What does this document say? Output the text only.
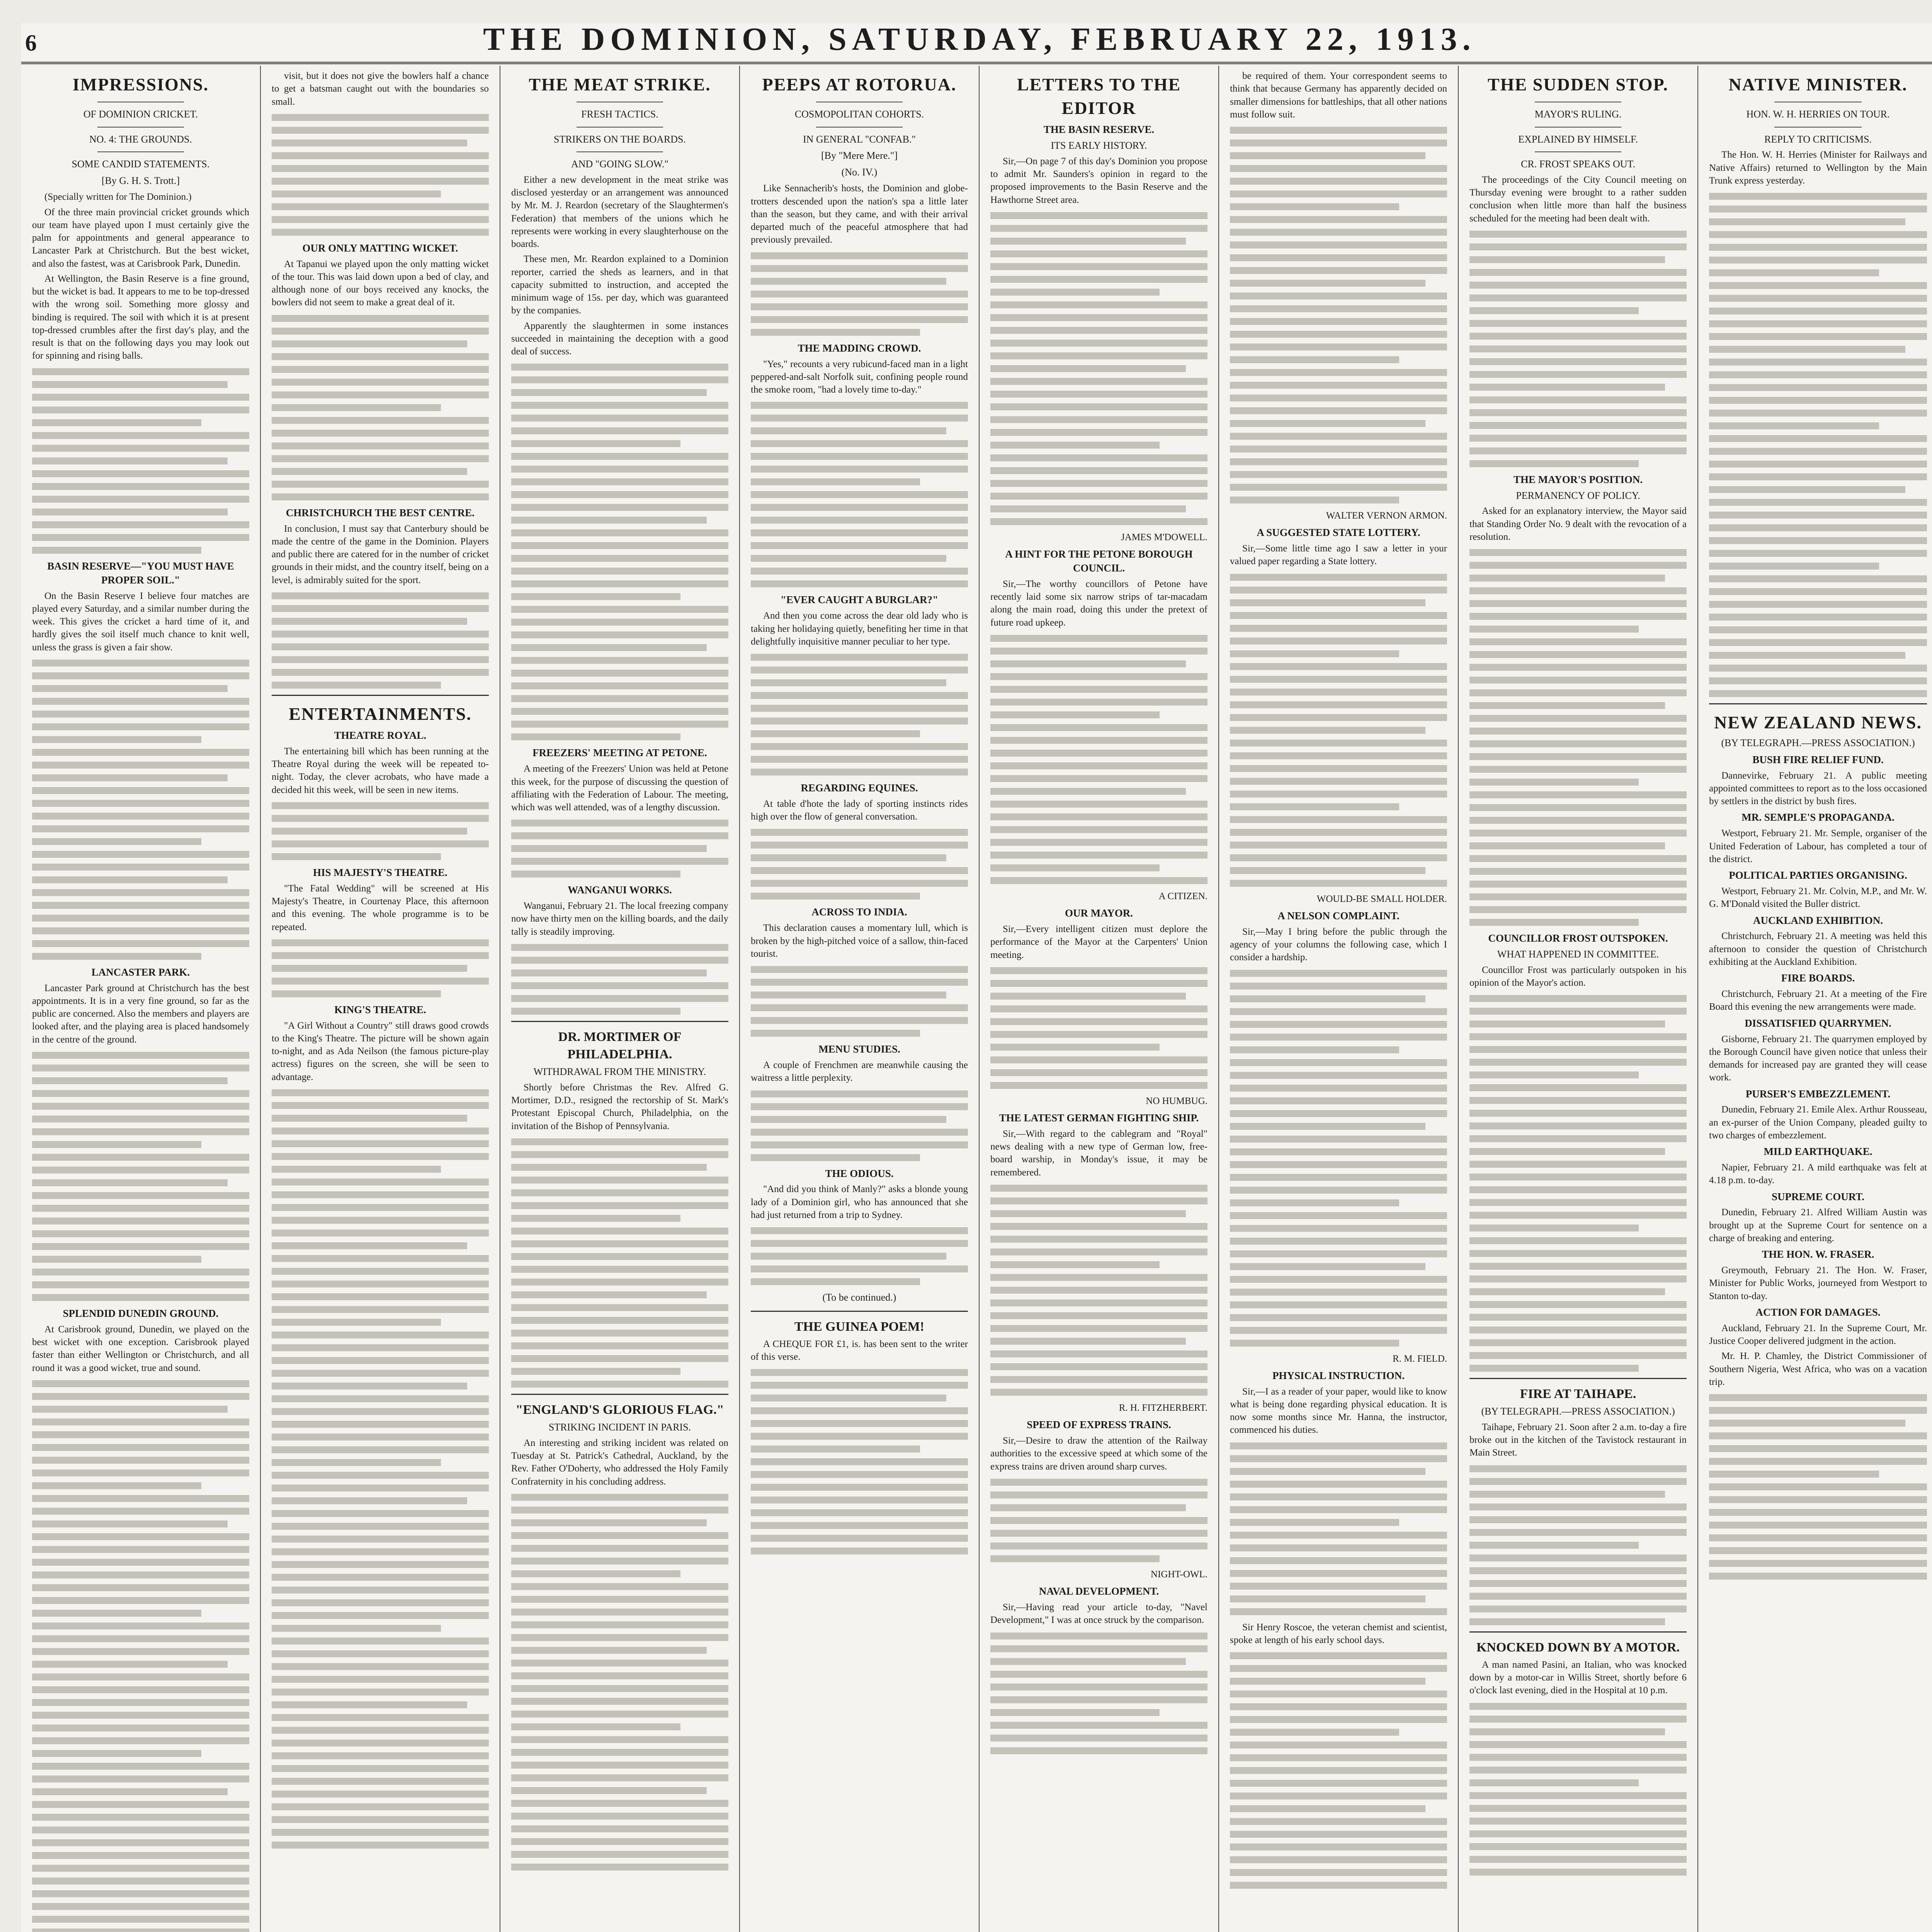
6	THE DOMINION, SATURDAY, FEBRUARY 22, 1913.
IMPRESSIONS.
OF DOMINION CRICKET.
NO. 4: THE GROUNDS.
SOME CANDID STATEMENTS.
[By G. H. S. Trott.]

(Specially written for The Dominion.)

Of the three main provincial cricket grounds which our team have played upon I must certainly give the palm for appointments and general appearance to Lancaster Park at Christchurch. But the best wicket, and also the fastest, was at Carisbrook Park, Dunedin.

At Wellington, the Basin Reserve is a fine ground, but the wicket is bad. It appears to me to be top-dressed with the wrong soil. Something more glossy and binding is required. The soil with which it is at present top-dressed crumbles after the first day's play, and the result is that on the following days you may look out for spinning and rising balls.

BASIN RESERVE—"YOU MUST HAVE PROPER SOIL."

On the Basin Reserve I believe four matches are played every Saturday, and a similar number during the week. This gives the cricket a hard time of it, and hardly gives the soil itself much chance to knit well, unless the grass is given a fair show.

LANCASTER PARK.

Lancaster Park ground at Christchurch has the best appointments. It is in a very fine ground, so far as the public are concerned. Also the members and players are looked after, and the playing area is placed handsomely in the centre of the ground.

SPLENDID DUNEDIN GROUND.

At Carisbrook ground, Dunedin, we played on the best wicket with one exception. Carisbrook played faster than either Wellington or Christchurch, and all round it was a good wicket, true and sound.

visit, but it does not give the bowlers half a chance to get a batsman caught out with the boundaries so small.

OUR ONLY MATTING WICKET.

At Tapanui we played upon the only matting wicket of the tour. This was laid down upon a bed of clay, and although none of our boys received any knocks, the bowlers did not seem to make a great deal of it.

CHRISTCHURCH THE BEST CENTRE.

In conclusion, I must say that Canterbury should be made the centre of the game in the Dominion. Players and public there are catered for in the number of cricket grounds in their midst, and the country itself, being on a level, is admirably suited for the sport.

ENTERTAINMENTS.
THEATRE ROYAL.

The entertaining bill which has been running at the Theatre Royal during the week will be repeated to-night. Today, the clever acrobats, who have made a decided hit this week, will be seen in new items.

HIS MAJESTY'S THEATRE.

"The Fatal Wedding" will be screened at His Majesty's Theatre, in Courtenay Place, this afternoon and this evening. The whole programme is to be repeated.

KING'S THEATRE.

"A Girl Without a Country" still draws good crowds to the King's Theatre. The picture will be shown again to-night, and as Ada Neilson (the famous picture-play actress) figures on the screen, she will be seen to advantage.

THE MEAT STRIKE.
FRESH TACTICS.
STRIKERS ON THE BOARDS.
AND "GOING SLOW."

Either a new development in the meat strike was disclosed yesterday or an arrangement was announced by Mr. M. J. Reardon (secretary of the Slaughtermen's Federation) that members of the unions which he represents were working in every slaughterhouse on the boards.

These men, Mr. Reardon explained to a Dominion reporter, carried the sheds as learners, and in that capacity submitted to instruction, and accepted the minimum wage of 15s. per day, which was guaranteed by the companies.

Apparently the slaughtermen in some instances succeeded in maintaining the deception with a good deal of success.

FREEZERS' MEETING AT PETONE.

A meeting of the Freezers' Union was held at Petone this week, for the purpose of discussing the question of affiliating with the Federation of Labour. The meeting, which was well attended, was of a lengthy discussion.

WANGANUI WORKS.

Wanganui, February 21. The local freezing company now have thirty men on the killing boards, and the daily tally is steadily improving.

DR. MORTIMER OF PHILADELPHIA.
WITHDRAWAL FROM THE MINISTRY.

Shortly before Christmas the Rev. Alfred G. Mortimer, D.D., resigned the rectorship of St. Mark's Protestant Episcopal Church, Philadelphia, on the invitation of the Bishop of Pennsylvania.

"ENGLAND'S GLORIOUS FLAG."
STRIKING INCIDENT IN PARIS.

An interesting and striking incident was related on Tuesday at St. Patrick's Cathedral, Auckland, by the Rev. Father O'Doherty, who addressed the Holy Family Confraternity in his concluding address.

PEEPS AT ROTORUA.
COSMOPOLITAN COHORTS.
IN GENERAL "CONFAB."
[By "Mere Mere."]
(No. IV.)

Like Sennacherib's hosts, the Dominion and globe-trotters descended upon the nation's spa a little later than the season, but they came, and with their arrival departed much of the peaceful atmosphere that had previously prevailed.

THE MADDING CROWD.

"Yes," recounts a very rubicund-faced man in a light peppered-and-salt Norfolk suit, confining people round the smoke room, "had a lovely time to-day."

"EVER CAUGHT A BURGLAR?"

And then you come across the dear old lady who is taking her holidaying quietly, benefiting her time in that delightfully inquisitive manner peculiar to her type.

REGARDING EQUINES.

At table d'hote the lady of sporting instincts rides high over the flow of general conversation.

ACROSS TO INDIA.

This declaration causes a momentary lull, which is broken by the high-pitched voice of a sallow, thin-faced tourist.

MENU STUDIES.

A couple of Frenchmen are meanwhile causing the waitress a little perplexity.

THE ODIOUS.

"And did you think of Manly?" asks a blonde young lady of a Dominion girl, who has announced that she had just returned from a trip to Sydney.

(To be continued.)
THE GUINEA POEM!

A CHEQUE FOR £1, is. has been sent to the writer of this verse.

LETTERS TO THE EDITOR
THE BASIN RESERVE.
ITS EARLY HISTORY.

Sir,—On page 7 of this day's Dominion you propose to admit Mr. Saunders's opinion in regard to the proposed improvements to the Basin Reserve and the Hawthorne Street area.

JAMES M'DOWELL.
A HINT FOR THE PETONE BOROUGH COUNCIL.

Sir,—The worthy councillors of Petone have recently laid some six narrow strips of tar-macadam along the main road, doing this under the pretext of future road upkeep.

A CITIZEN.
OUR MAYOR.

Sir,—Every intelligent citizen must deplore the performance of the Mayor at the Carpenters' Union meeting.

NO HUMBUG.
THE LATEST GERMAN FIGHTING SHIP.

Sir,—With regard to the cablegram and "Royal" news dealing with a new type of German low, free-board warship, in Monday's issue, it may be remembered.

R. H. FITZHERBERT.
SPEED OF EXPRESS TRAINS.

Sir,—Desire to draw the attention of the Railway authorities to the excessive speed at which some of the express trains are driven around sharp curves.

NIGHT-OWL.
NAVAL DEVELOPMENT.

Sir,—Having read your article to-day, "Navel Development," I was at once struck by the comparison.

be required of them. Your correspondent seems to think that because Germany has apparently decided on smaller dimensions for battleships, that all other nations must follow suit.

WALTER VERNON ARMON.
A SUGGESTED STATE LOTTERY.

Sir,—Some little time ago I saw a letter in your valued paper regarding a State lottery.

WOULD-BE SMALL HOLDER.
A NELSON COMPLAINT.

Sir,—May I bring before the public through the agency of your columns the following case, which I consider a hardship.

R. M. FIELD.
PHYSICAL INSTRUCTION.

Sir,—I as a reader of your paper, would like to know what is being done regarding physical education. It is now some months since Mr. Hanna, the instructor, commenced his duties.

Sir Henry Roscoe, the veteran chemist and scientist, spoke at length of his early school days.

THE SUDDEN STOP.
MAYOR'S RULING.
EXPLAINED BY HIMSELF.
CR. FROST SPEAKS OUT.

The proceedings of the City Council meeting on Thursday evening were brought to a rather sudden conclusion when little more than half the business scheduled for the meeting had been dealt with.

THE MAYOR'S POSITION.
PERMANENCY OF POLICY.

Asked for an explanatory interview, the Mayor said that Standing Order No. 9 dealt with the revocation of a resolution.

COUNCILLOR FROST OUTSPOKEN.
WHAT HAPPENED IN COMMITTEE.

Councillor Frost was particularly outspoken in his opinion of the Mayor's action.

FIRE AT TAIHAPE.
(BY TELEGRAPH.—PRESS ASSOCIATION.)

Taihape, February 21. Soon after 2 a.m. to-day a fire broke out in the kitchen of the Tavistock restaurant in Main Street.

KNOCKED DOWN BY A MOTOR.

A man named Pasini, an Italian, who was knocked down by a motor-car in Willis Street, shortly before 6 o'clock last evening, died in the Hospital at 10 p.m.

NATIVE MINISTER.
HON. W. H. HERRIES ON TOUR.
REPLY TO CRITICISMS.

The Hon. W. H. Herries (Minister for Railways and Native Affairs) returned to Wellington by the Main Trunk express yesterday.

NEW ZEALAND NEWS.
(BY TELEGRAPH.—PRESS ASSOCIATION.)
BUSH FIRE RELIEF FUND.

Dannevirke, February 21. A public meeting appointed committees to report as to the loss occasioned by settlers in the district by bush fires.

MR. SEMPLE'S PROPAGANDA.

Westport, February 21. Mr. Semple, organiser of the United Federation of Labour, has completed a tour of the district.

POLITICAL PARTIES ORGANISING.

Westport, February 21. Mr. Colvin, M.P., and Mr. W. G. M'Donald visited the Buller district.

AUCKLAND EXHIBITION.

Christchurch, February 21. A meeting was held this afternoon to consider the question of Christchurch exhibiting at the Auckland Exhibition.

FIRE BOARDS.

Christchurch, February 21. At a meeting of the Fire Board this evening the new arrangements were made.

DISSATISFIED QUARRYMEN.

Gisborne, February 21. The quarrymen employed by the Borough Council have given notice that unless their demands for increased pay are granted they will cease work.

PURSER'S EMBEZZLEMENT.

Dunedin, February 21. Emile Alex. Arthur Rousseau, an ex-purser of the Union Company, pleaded guilty to two charges of embezzlement.

MILD EARTHQUAKE.

Napier, February 21. A mild earthquake was felt at 4.18 p.m. to-day.

SUPREME COURT.

Dunedin, February 21. Alfred William Austin was brought up at the Supreme Court for sentence on a charge of breaking and entering.

THE HON. W. FRASER.

Greymouth, February 21. The Hon. W. Fraser, Minister for Public Works, journeyed from Westport to Stanton to-day.

ACTION FOR DAMAGES.

Auckland, February 21. In the Supreme Court, Mr. Justice Cooper delivered judgment in the action.

Mr. H. P. Chamley, the District Commissioner of Southern Nigeria, West Africa, who was on a vacation trip.
